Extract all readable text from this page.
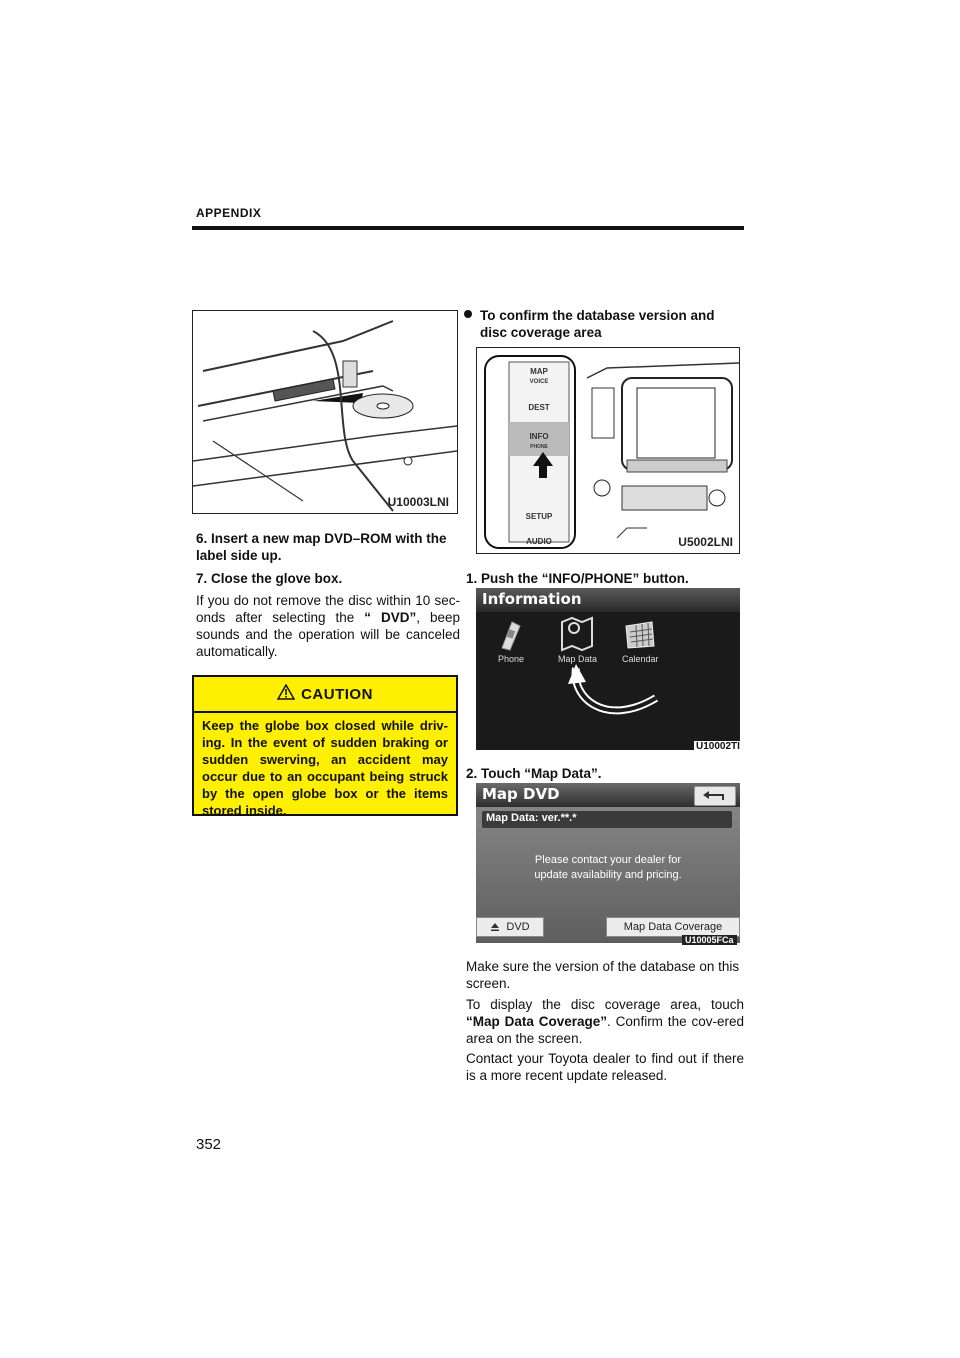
APPENDIX
U10003LNI
6. Insert a new map DVD–ROM with the label side up.
7. Close the glove box.
If you do not remove the disc within 10 sec-onds after selecting the “ DVD”, beep sounds and the operation will be canceled automatically.
CAUTION
Keep the globe box closed while driv-ing. In the event of sudden braking or sudden swerving, an accident may occur due to an occupant being struck by the open globe box or the items stored inside.
To confirm the database version and disc coverage area
MAP
VOICE
DEST
INFO
PHONE
SETUP
AUDIO	U5002LNI
1. Push the “INFO/PHONE” button.
Information
Phone	Map Data	Calendar
U10002TI
2. Touch “Map Data”.
Map DVD
Map Data: ver.**.*
Please contact your dealer for
update availability and pricing.
DVD	Map Data Coverage
U10005FCa
Make sure the version of the database on this screen.
To display the disc coverage area, touch “Map Data Coverage”. Confirm the cov-ered area on the screen.
Contact your Toyota dealer to find out if there is a more recent update released.
352
